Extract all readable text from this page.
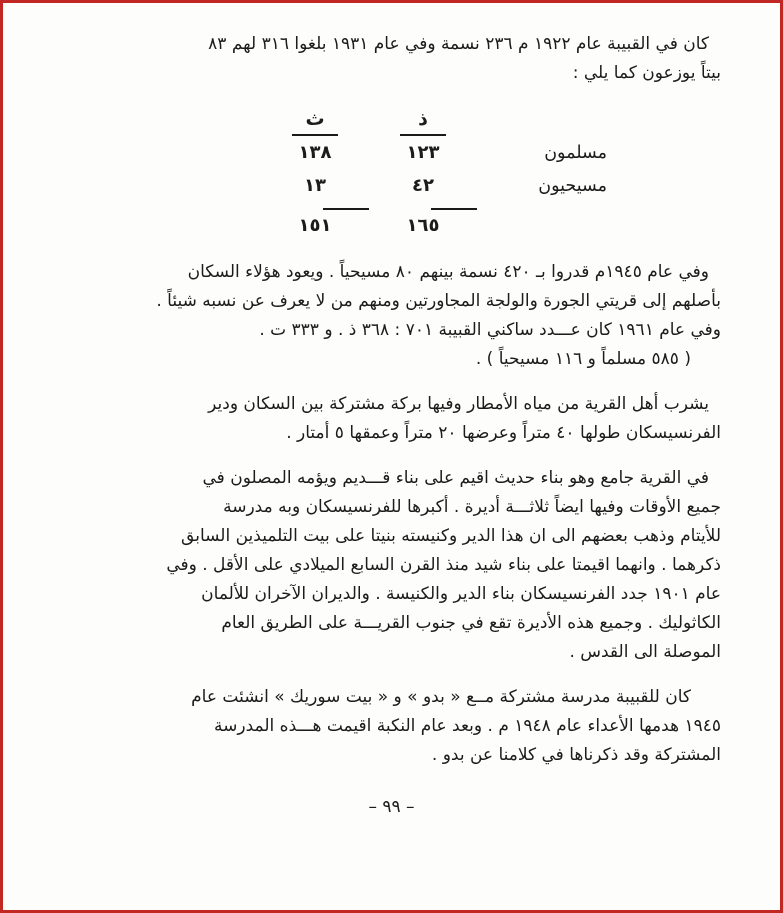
كان في القبيبة عام ١٩٢٢ م ٢٣٦ نسمة وفي عام ١٩٣١ بلغوا ٣١٦ لهم ٨٣
بيتاً يوزعون كما يلي :
ذ
ث
مسلمون
١٢٣
١٣٨
مسيحيون
٤٢
١٣
١٦٥
١٥١
وفي عام ١٩٤٥م قدروا بـ ٤٢٠ نسمة بينهم ٨٠ مسيحياً . ويعود هؤلاء السكان
بأصلهم إلى قريتي الجورة والولجة المجاورتين ومنهم من لا يعرف عن نسبه شيئاً .
وفي عام ١٩٦١ كان عـــدد ساكني القبيبة ٧٠١ : ٣٦٨ ذ . و ٣٣٣ ت .
( ٥٨٥ مسلماً و ١١٦ مسيحياً ) .
يشرب أهل القرية من مياه الأمطار وفيها بركة مشتركة بين السكان ودير
الفرنسيسكان طولها ٤٠ متراً وعرضها ٢٠ متراً وعمقها ٥ أمتار .
في القرية جامع وهو بناء حديث اقيم على بناء قـــديم ويؤمه المصلون في
جميع الأوقات وفيها ايضاً ثلاثـــة أديرة . أكبرها للفرنسيسكان وبه مدرسة
للأيتام وذهب بعضهم الى ان هذا الدير وكنيسته بنيتا على بيت التلميذين السابق
ذكرهما . وانهما اقيمتا على بناء شيد منذ القرن السابع الميلادي على الأقل . وفي
عام ١٩٠١ جدد الفرنسيسكان بناء الدير والكنيسة . والديران الآخران للألمان
الكاثوليك . وجميع هذه الأديرة تقع في جنوب القريـــة على الطريق العام
الموصلة الى القدس .
كان للقبيبة مدرسة مشتركة مــع « بدو » و « بيت سوريك » انشئت عام
١٩٤٥ هدمها الأعداء عام ١٩٤٨ م . وبعد عام النكبة اقيمت هـــذه المدرسة
المشتركة وقد ذكرناها في كلامنا عن بدو .
– ٩٩ –
